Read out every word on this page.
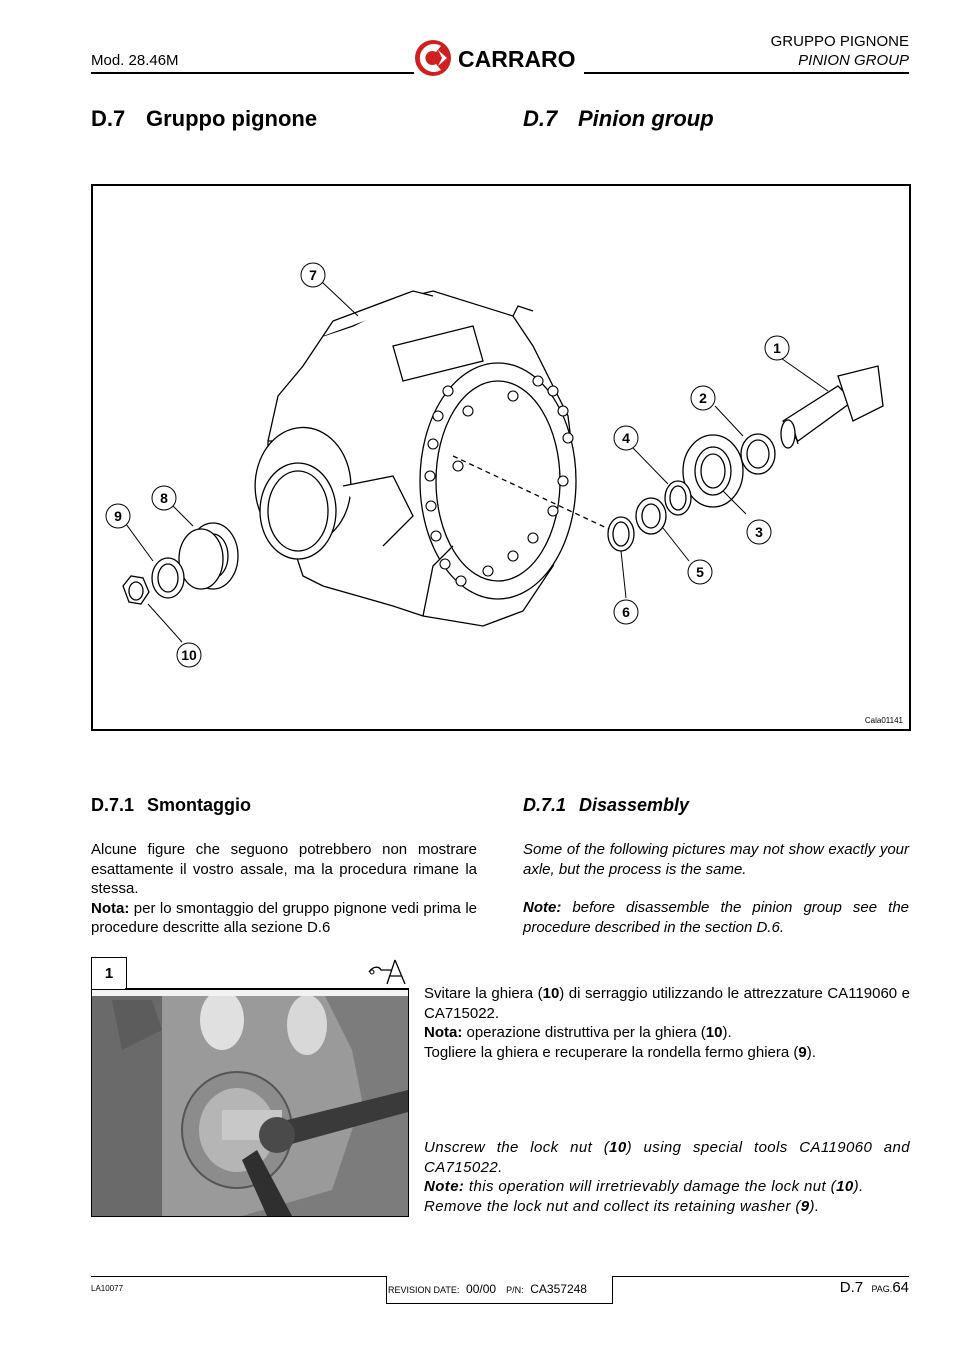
Mod. 28.46M	CARRARO
GRUPPO PIGNONE
PINION GROUP
D.7 Gruppo pignone	D.7 Pinion group
7
1
2
4
3
5
6
8
9
10
Cala01141
D.7.1 Smontaggio	D.7.1 Disassembly
Alcune figure che seguono potrebbero non mostrare esattamente il vostro assale, ma la procedura rimane la stessa.
Nota: per lo smontaggio del gruppo pignone vedi prima le procedure descritte alla sezione D.6
Some of the following pictures may not show exactly your axle, but the process is the same.
Note: before disassemble the pinion group see the procedure described in the section D.6.
1
Svitare la ghiera (10) di serraggio utilizzando le attrezzature CA119060 e CA715022.
Nota: operazione distruttiva per la ghiera (10).
Togliere la ghiera e recuperare la rondella fermo ghiera (9).
Unscrew the lock nut (10) using special tools CA119060 and CA715022.
Note: this operation will irretrievably damage the lock nut (10).
Remove the lock nut and collect its retaining washer (9).
LA10077	REVISION DATE: 00/00 P/N: CA357248	D.7 PAG.64
